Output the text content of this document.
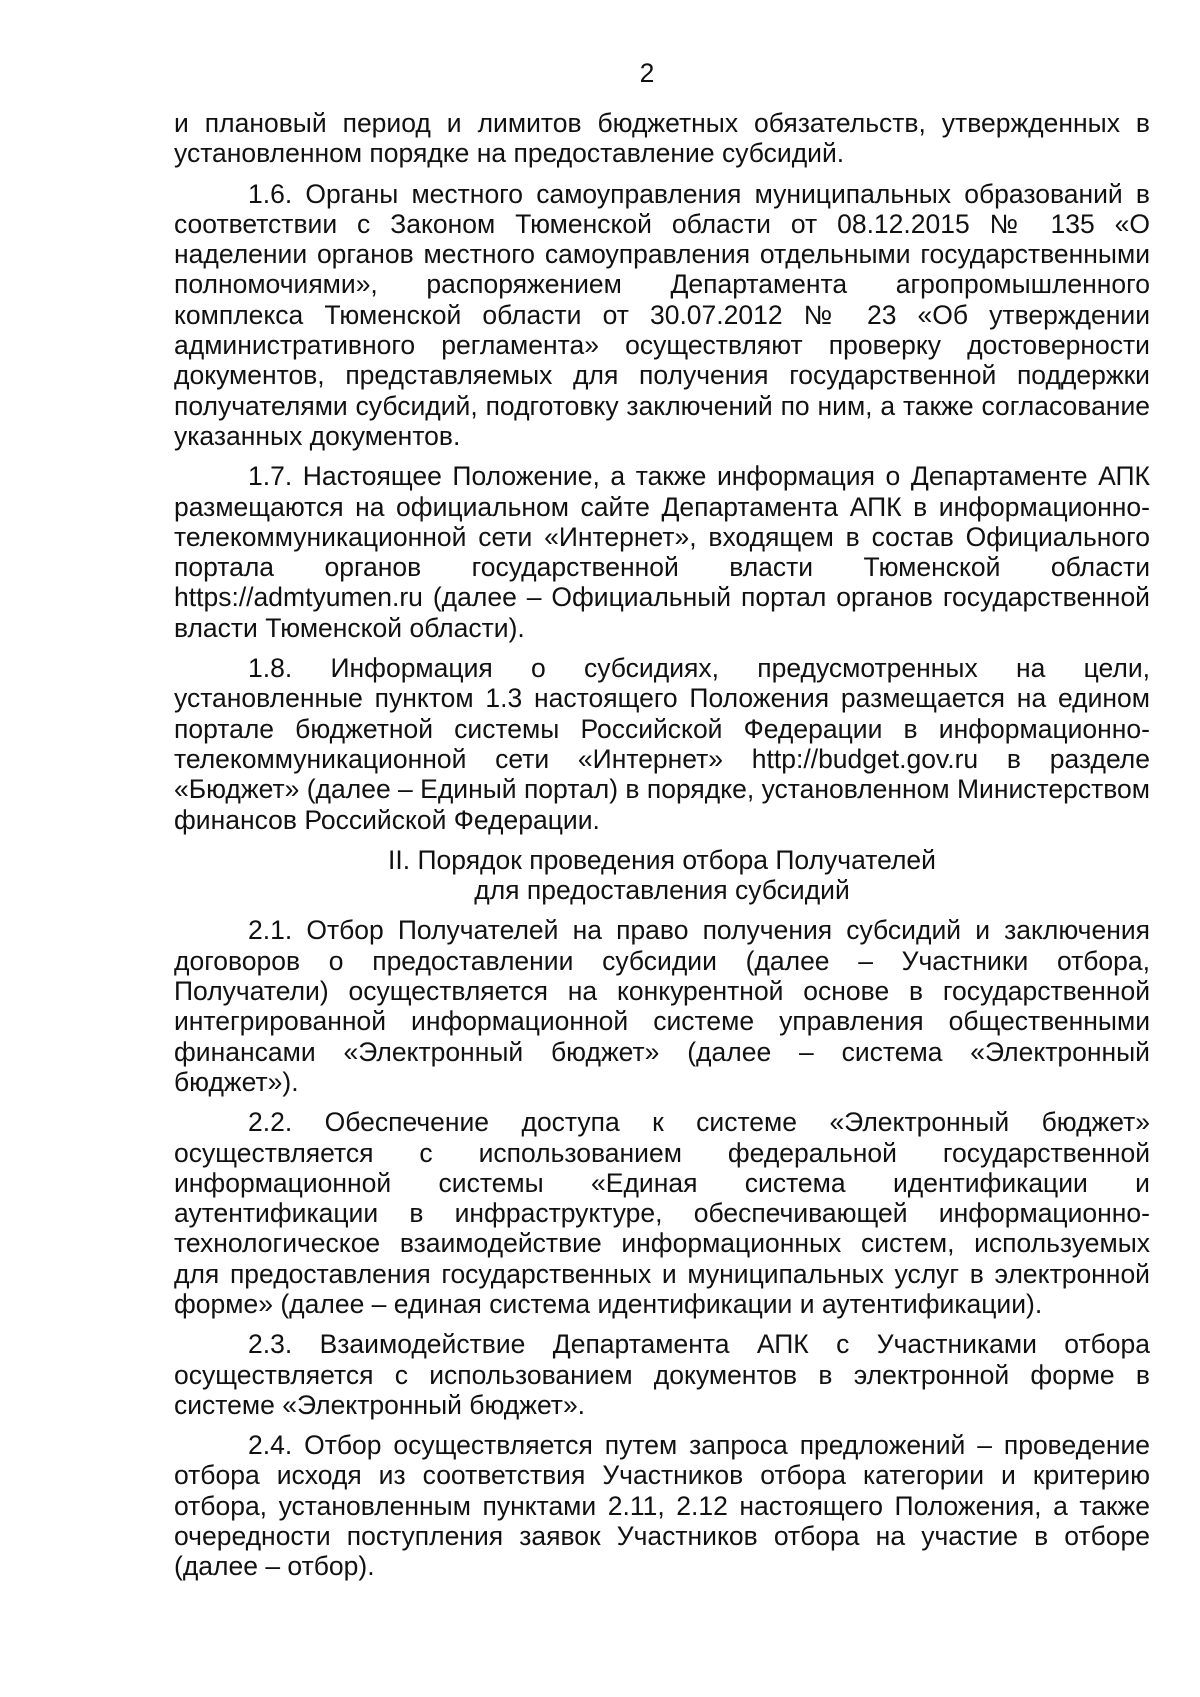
2

и плановый период и лимитов бюджетных обязательств, утвержденных в установленном порядке на предоставление субсидий.

1.6. Органы местного самоуправления муниципальных образований в соответствии с Законом Тюменской области от 08.12.2015 № 135 «О наделении органов местного самоуправления отдельными государственными полномочиями», распоряжением Департамента агропромышленного комплекса Тюменской области от 30.07.2012 № 23 «Об утверждении административного регламента» осуществляют проверку достоверности документов, представляемых для получения государственной поддержки получателями субсидий, подготовку заключений по ним, а также согласование указанных документов.

1.7. Настоящее Положение, а также информация о Департаменте АПК размещаются на официальном сайте Департамента АПК в информационно-телекоммуникационной сети «Интернет», входящем в состав Официального портала органов государственной власти Тюменской области https://admtyumen.ru (далее – Официальный портал органов государственной власти Тюменской области).

1.8. Информация о субсидиях, предусмотренных на цели, установленные пунктом 1.3 настоящего Положения размещается на едином портале бюджетной системы Российской Федерации в информационно-телекоммуникационной сети «Интернет» http://budget.gov.ru в разделе «Бюджет» (далее – Единый портал) в порядке, установленном Министерством финансов Российской Федерации.

II. Порядок проведения отбора Получателей
для предоставления субсидий

2.1. Отбор Получателей на право получения субсидий и заключения договоров о предоставлении субсидии (далее – Участники отбора, Получатели) осуществляется на конкурентной основе в государственной интегрированной информационной системе управления общественными финансами «Электронный бюджет» (далее – система «Электронный бюджет»).

2.2. Обеспечение доступа к системе «Электронный бюджет» осуществляется с использованием федеральной государственной информационной системы «Единая система идентификации и аутентификации в инфраструктуре, обеспечивающей информационно-технологическое взаимодействие информационных систем, используемых для предоставления государственных и муниципальных услуг в электронной форме» (далее – единая система идентификации и аутентификации).

2.3. Взаимодействие Департамента АПК с Участниками отбора осуществляется с использованием документов в электронной форме в системе «Электронный бюджет».

2.4. Отбор осуществляется путем запроса предложений – проведение отбора исходя из соответствия Участников отбора категории и критерию отбора, установленным пунктами 2.11, 2.12 настоящего Положения, а также очередности поступления заявок Участников отбора на участие в отборе (далее – отбор).
